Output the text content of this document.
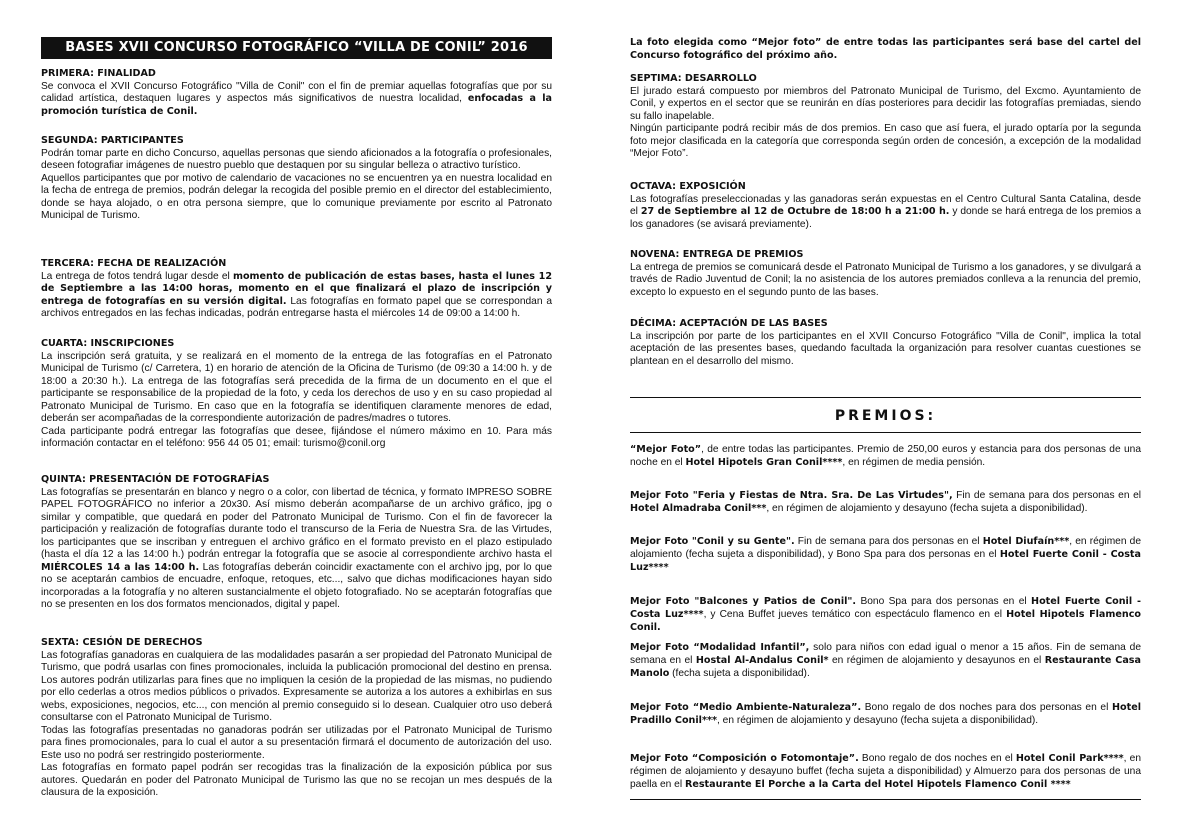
BASES XVII CONCURSO FOTOGRÁFICO “VILLA DE CONIL” 2016
PRIMERA: FINALIDAD

Se convoca el XVII Concurso Fotográfico "Villa de Conil" con el fin de premiar aquellas fotografías que por su calidad artística, destaquen lugares y aspectos más significativos de nuestra localidad, enfocadas a la promoción turística de Conil.

SEGUNDA: PARTICIPANTES

Podrán tomar parte en dicho Concurso, aquellas personas que siendo aficionados a la fotografía o profesionales, deseen fotografiar imágenes de nuestro pueblo que destaquen por su singular belleza o atractivo turístico.

Aquellos participantes que por motivo de calendario de vacaciones no se encuentren ya en nuestra localidad en la fecha de entrega de premios, podrán delegar la recogida del posible premio en el director del establecimiento, donde se haya alojado, o en otra persona siempre, que lo comunique previamente por escrito al Patronato Municipal de Turismo.

TERCERA: FECHA DE REALIZACIÓN

La entrega de fotos tendrá lugar desde el momento de publicación de estas bases, hasta el lunes 12 de Septiembre a las 14:00 horas, momento en el que finalizará el plazo de inscripción y entrega de fotografías en su versión digital. Las fotografías en formato papel que se correspondan a archivos entregados en las fechas indicadas, podrán entregarse hasta el miércoles 14 de 09:00 a 14:00 h.

CUARTA: INSCRIPCIONES

La inscripción será gratuita, y se realizará en el momento de la entrega de las fotografías en el Patronato Municipal de Turismo (c/ Carretera, 1) en horario de atención de la Oficina de Turismo (de 09:30 a 14:00 h. y de 18:00 a 20:30 h.). La entrega de las fotografías será precedida de la firma de un documento en el que el participante se responsabilice de la propiedad de la foto, y ceda los derechos de uso y en su caso propiedad al Patronato Municipal de Turismo. En caso que en la fotografía se identifiquen claramente menores de edad, deberán ser acompañadas de la correspondiente autorización de padres/madres o tutores.

Cada participante podrá entregar las fotografías que desee, fijándose el número máximo en 10. Para más información contactar en el teléfono: 956 44 05 01; email: turismo@conil.org

QUINTA: PRESENTACIÓN DE FOTOGRAFÍAS

Las fotografías se presentarán en blanco y negro o a color, con libertad de técnica, y formato IMPRESO SOBRE PAPEL FOTOGRÁFICO no inferior a 20x30. Así mismo deberán acompañarse de un archivo gráfico, jpg o similar y compatible, que quedará en poder del Patronato Municipal de Turismo. Con el fin de favorecer la participación y realización de fotografías durante todo el transcurso de la Feria de Nuestra Sra. de las Virtudes, los participantes que se inscriban y entreguen el archivo gráfico en el formato previsto en el plazo estipulado (hasta el día 12 a las 14:00 h.) podrán entregar la fotografía que se asocie al correspondiente archivo hasta el MIÉRCOLES 14 a las 14:00 h. Las fotografías deberán coincidir exactamente con el archivo jpg, por lo que no se aceptarán cambios de encuadre, enfoque, retoques, etc..., salvo que dichas modificaciones hayan sido incorporadas a la fotografía y no alteren sustancialmente el objeto fotografiado. No se aceptarán fotografías que no se presenten en los dos formatos mencionados, digital y papel.

SEXTA: CESIÓN DE DERECHOS

Las fotografías ganadoras en cualquiera de las modalidades pasarán a ser propiedad del Patronato Municipal de Turismo, que podrá usarlas con fines promocionales, incluida la publicación promocional del destino en prensa. Los autores podrán utilizarlas para fines que no impliquen la cesión de la propiedad de las mismas, no pudiendo por ello cederlas a otros medios públicos o privados. Expresamente se autoriza a los autores a exhibirlas en sus webs, exposiciones, negocios, etc..., con mención al premio conseguido si lo desean. Cualquier otro uso deberá consultarse con el Patronato Municipal de Turismo.

Todas las fotografías presentadas no ganadoras podrán ser utilizadas por el Patronato Municipal de Turismo para fines promocionales, para lo cual el autor a su presentación firmará el documento de autorización del uso. Este uso no podrá ser restringido posteriormente.

Las fotografías en formato papel podrán ser recogidas tras la finalización de la exposición pública por sus autores. Quedarán en poder del Patronato Municipal de Turismo las que no se recojan un mes después de la clausura de la exposición.

La foto elegida como “Mejor foto” de entre todas las participantes será base del cartel del Concurso fotográfico del próximo año.

SEPTIMA: DESARROLLO

El jurado estará compuesto por miembros del Patronato Municipal de Turismo, del Excmo. Ayuntamiento de Conil, y expertos en el sector que se reunirán en días posteriores para decidir las fotografías premiadas, siendo su fallo inapelable.

Ningún participante podrá recibir más de dos premios. En caso que así fuera, el jurado optaría por la segunda foto mejor clasificada en la categoría que corresponda según orden de concesión, a excepción de la modalidad “Mejor Foto”.

OCTAVA: EXPOSICIÓN

Las fotografías preseleccionadas y las ganadoras serán expuestas en el Centro Cultural Santa Catalina, desde el 27 de Septiembre al 12 de Octubre de 18:00 h a 21:00 h. y donde se hará entrega de los premios a los ganadores (se avisará previamente).

NOVENA: ENTREGA DE PREMIOS

La entrega de premios se comunicará desde el Patronato Municipal de Turismo a los ganadores, y se divulgará a través de Radio Juventud de Conil; la no asistencia de los autores premiados conlleva a la renuncia del premio, excepto lo expuesto en el segundo punto de las bases.

DÉCIMA: ACEPTACIÓN DE LAS BASES

La inscripción por parte de los participantes en el XVII Concurso Fotográfico "Villa de Conil", implica la total aceptación de las presentes bases, quedando facultada la organización para resolver cuantas cuestiones se plantean en el desarrollo del mismo.

“Mejor Foto”, de entre todas las participantes. Premio de 250,00 euros y estancia para dos personas de una noche en el Hotel Hipotels Gran Conil****, en régimen de media pensión.
Mejor Foto "Feria y Fiestas de Ntra. Sra. De Las Virtudes", Fin de semana para dos personas en el Hotel Almadraba Conil***, en régimen de alojamiento y desayuno (fecha sujeta a disponibilidad).
Mejor Foto "Conil y su Gente". Fin de semana para dos personas en el Hotel Diufaín***, en régimen de alojamiento (fecha sujeta a disponibilidad), y Bono Spa para dos personas en el Hotel Fuerte Conil - Costa Luz****
Mejor Foto "Balcones y Patios de Conil". Bono Spa para dos personas en el Hotel Fuerte Conil - Costa Luz****, y Cena Buffet jueves temático con espectáculo flamenco en el Hotel Hipotels Flamenco Conil.
Mejor Foto “Modalidad Infantil”, solo para niños con edad igual o menor a 15 años. Fin de semana de semana en el Hostal Al-Andalus Conil* en régimen de alojamiento y desayunos en el Restaurante Casa Manolo (fecha sujeta a disponibilidad).
Mejor Foto “Medio Ambiente-Naturaleza”. Bono regalo de dos noches para dos personas en el Hotel Pradillo Conil***, en régimen de alojamiento y desayuno (fecha sujeta a disponibilidad).
Mejor Foto “Composición o Fotomontaje”. Bono regalo de dos noches en el Hotel Conil Park****, en régimen de alojamiento y desayuno buffet (fecha sujeta a disponibilidad) y Almuerzo para dos personas de una paella en el Restaurante El Porche a la Carta del Hotel Hipotels Flamenco Conil ****
PREMIOS:
